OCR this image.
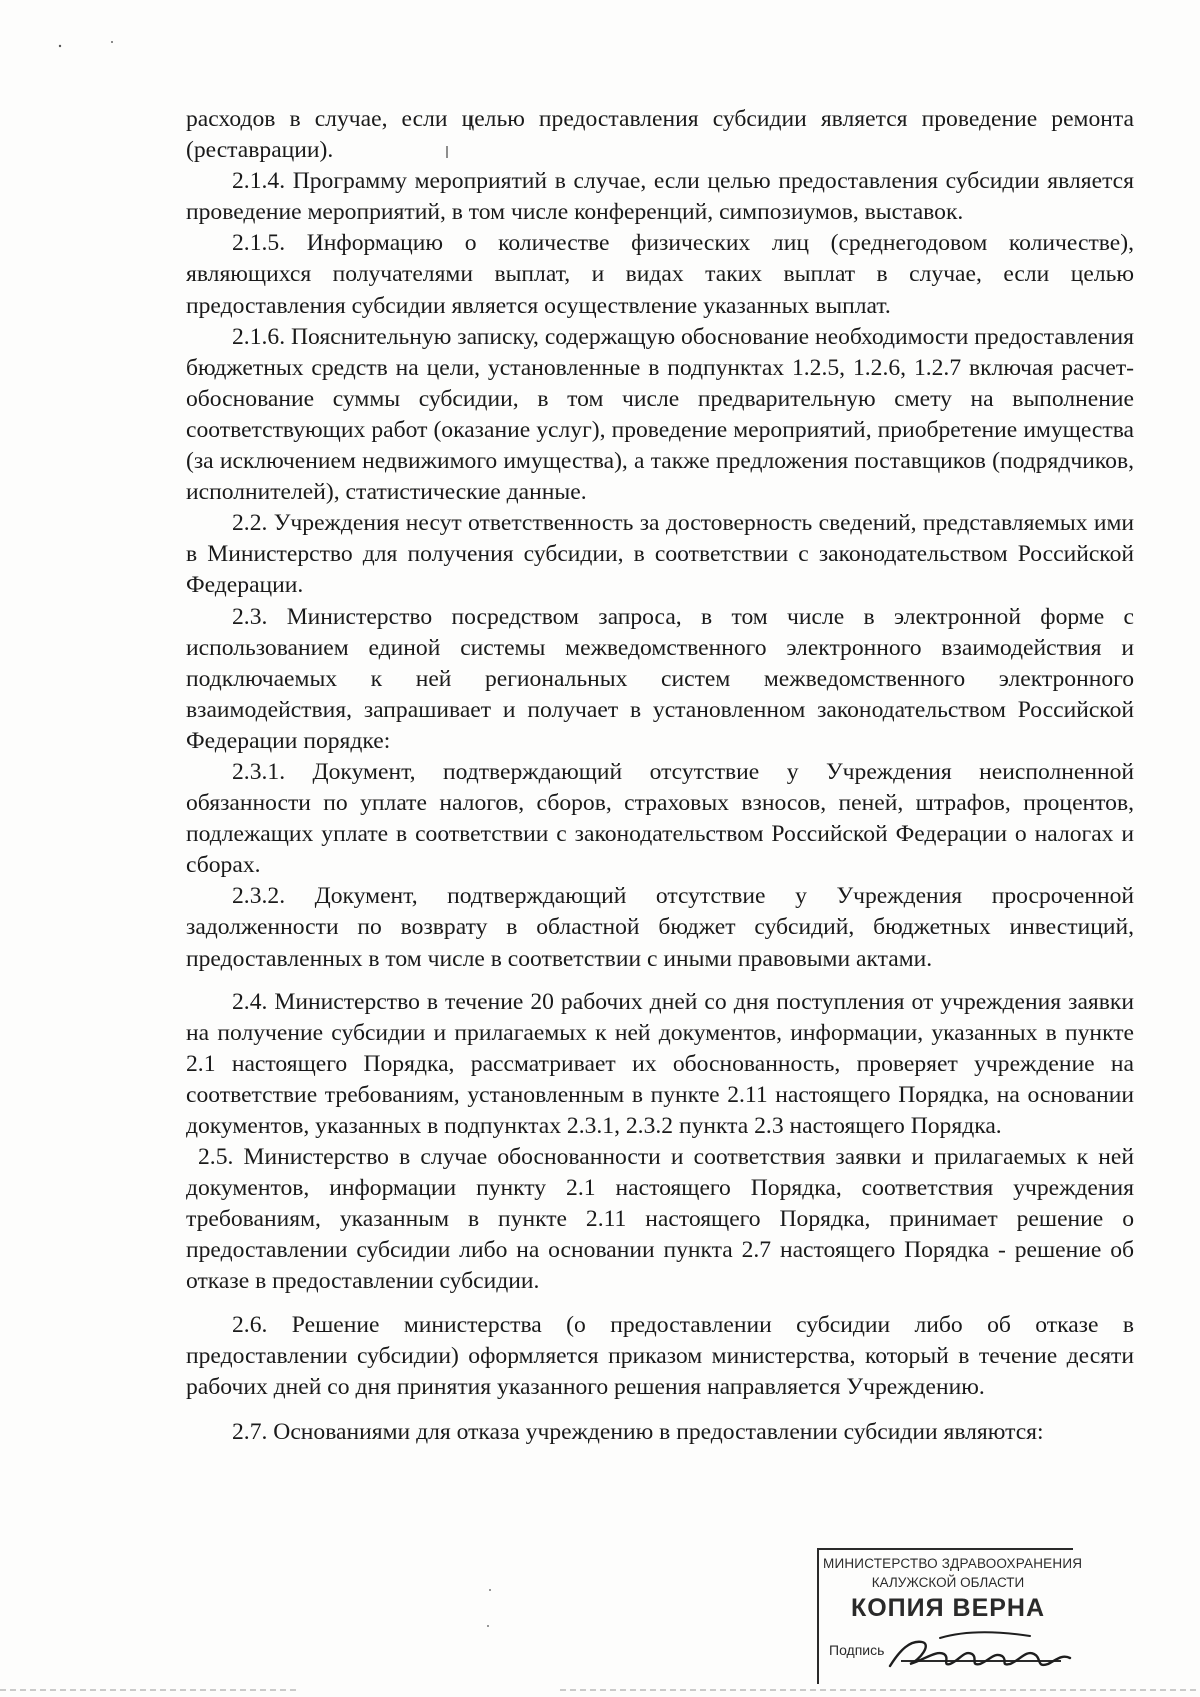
расходов в случае, если целью предоставления субсидии является проведение ремонта (реставрации).

2.1.4. Программу мероприятий в случае, если целью предоставления субсидии является проведение мероприятий, в том числе конференций, симпозиумов, выставок.

2.1.5. Информацию о количестве физических лиц (среднегодовом количестве), являющихся получателями выплат, и видах таких выплат в случае, если целью предоставления субсидии является осуществление указанных выплат.

2.1.6. Пояснительную записку, содержащую обоснование необходимости предоставления бюджетных средств на цели, установленные в подпунктах 1.2.5, 1.2.6, 1.2.7 включая расчет-обоснование суммы субсидии, в том числе предварительную смету на выполнение соответствующих работ (оказание услуг), проведение мероприятий, приобретение имущества (за исключением недвижимого имущества), а также предложения поставщиков (подрядчиков, исполнителей), статистические данные.

2.2. Учреждения несут ответственность за достоверность сведений, представляемых ими в Министерство для получения субсидии, в соответствии с законодательством Российской Федерации.

2.3. Министерство посредством запроса, в том числе в электронной форме с использованием единой системы межведомственного электронного взаимодействия и подключаемых к ней региональных систем межведомственного электронного взаимодействия, запрашивает и получает в установленном законодательством Российской Федерации порядке:

2.3.1. Документ, подтверждающий отсутствие у Учреждения неисполненной обязанности по уплате налогов, сборов, страховых взносов, пеней, штрафов, процентов, подлежащих уплате в соответствии с законодательством Российской Федерации о налогах и сборах.

2.3.2. Документ, подтверждающий отсутствие у Учреждения просроченной задолженности по возврату в областной бюджет субсидий, бюджетных инвестиций, предоставленных в том числе в соответствии с иными правовыми актами.

2.4. Министерство в течение 20 рабочих дней со дня поступления от учреждения заявки на получение субсидии и прилагаемых к ней документов, информации, указанных в пункте 2.1 настоящего Порядка, рассматривает их обоснованность, проверяет учреждение на соответствие требованиям, установленным в пункте 2.11 настоящего Порядка, на основании документов, указанных в подпунктах 2.3.1, 2.3.2 пункта 2.3 настоящего Порядка.

2.5. Министерство в случае обоснованности и соответствия заявки и прилагаемых к ней документов, информации пункту 2.1 настоящего Порядка, соответствия учреждения требованиям, указанным в пункте 2.11 настоящего Порядка, принимает решение о предоставлении субсидии либо на основании пункта 2.7 настоящего Порядка - решение об отказе в предоставлении субсидии.

2.6. Решение министерства (о предоставлении субсидии либо об отказе в предоставлении субсидии) оформляется приказом министерства, который в течение десяти рабочих дней со дня принятия указанного решения направляется Учреждению.

2.7. Основаниями для отказа учреждению в предоставлении субсидии являются:

МИНИСТЕРСТВО ЗДРАВООХРАНЕНИЯ
КАЛУЖСКОЙ ОБЛАСТИ
КОПИЯ ВЕРНА
Подпись
